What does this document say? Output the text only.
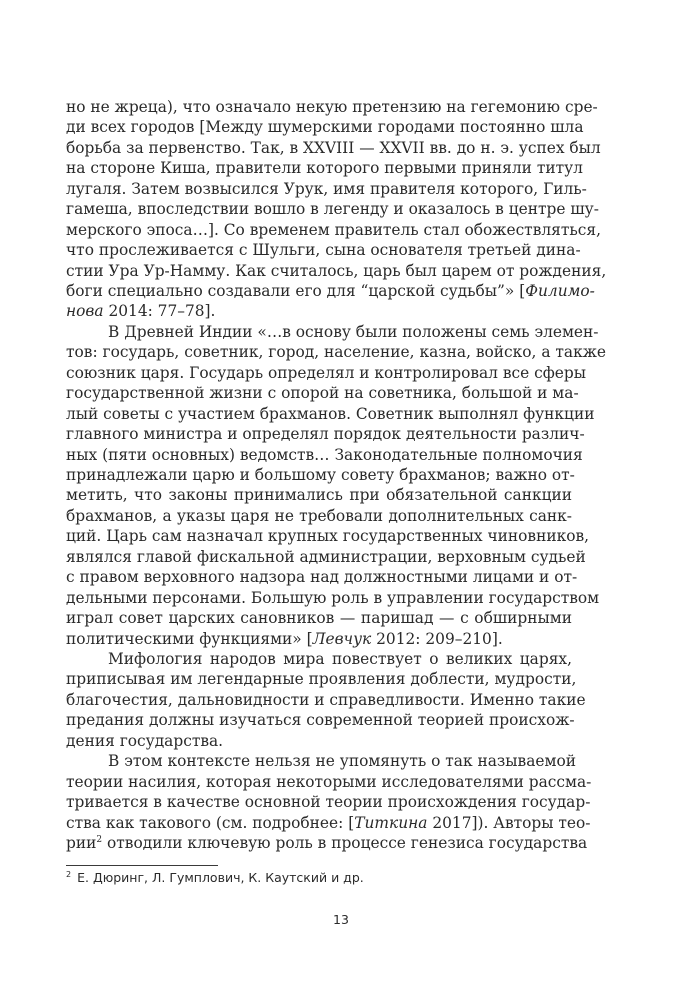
но не жреца), что означало некую претензию на гегемонию сре-
ди всех городов [Между шумерскими городами постоянно шла
борьба за первенство. Так, в XXVIII — XXVII вв. до н. э. успех был
на стороне Киша, правители которого первыми приняли титул
лугаля. Затем возвысился Урук, имя правителя которого, Гиль-
гамеша, впоследствии вошло в легенду и оказалось в центре шу-
мерского эпоса…]. Со временем правитель стал обожествляться,
что прослеживается с Шульги, сына основателя третьей дина-
стии Ура Ур-Намму. Как считалось, царь был царем от рождения,
боги специально создавали его для “царской судьбы”» [Филимо-
нова 2014: 77–78].
В Древней Индии «…в основу были положены семь элемен-
тов: государь, советник, город, население, казна, войско, а также
союзник царя. Государь определял и контролировал все сферы
государственной жизни с опорой на советника, большой и ма-
лый советы с участием брахманов. Советник выполнял функции
главного министра и определял порядок деятельности различ-
ных (пяти основных) ведомств… Законодательные полномочия
принадлежали царю и большому совету брахманов; важно от-
метить, что законы принимались при обязательной санкции
брахманов, а указы царя не требовали дополнительных санк-
ций. Царь сам назначал крупных государственных чиновников,
являлся главой фискальной администрации, верховным судьей
с правом верховного надзора над должностными лицами и от-
дельными персонами. Большую роль в управлении государством
играл совет царских сановников — паришад — с обширными
политическими функциями» [Левчук 2012: 209–210].
Мифология народов мира повествует о великих царях,
приписывая им легендарные проявления доблести, мудрости,
благочестия, дальновидности и справедливости. Именно такие
предания должны изучаться современной теорией происхож-
дения государства.
В этом контексте нельзя не упомянуть о так называемой
теории насилия, которая некоторыми исследователями рассма-
тривается в качестве основной теории происхождения государ-
ства как такового (см. подробнее: [Титкина 2017]). Авторы тео-
$^2$ Е. Дюринг, Л. Гумплович, К. Каутский и др.
13
рии$^2$ отводили ключевую роль в процессе генезиса государства
